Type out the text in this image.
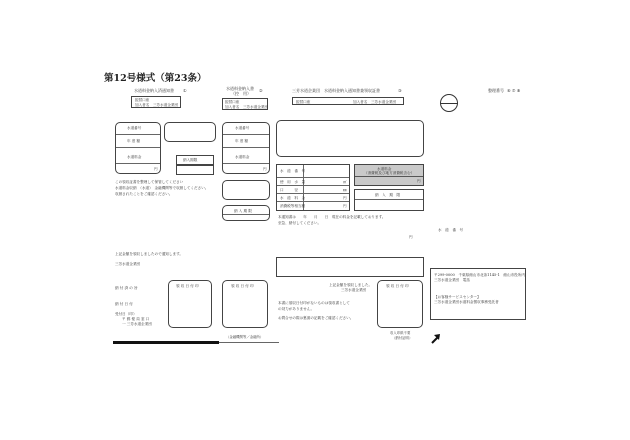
第12号様式（第23条）
水道料金納入済通知書 ①
振替口座
加入者名　三芳水道企業団
水道番号
年 度 額
水道料金
円
納入期限
この領収証書を整理して保管してください
水道料金収納　（水道）　金融機関等で収納してください。
収納されたことをご確認ください。
上記金額を領収しましたので通知します。
三芳水道企業団
領 収 日 付 印
納 付 済 の 旨
納 付 日 付
受付日（印）
〒 郵 便 局 窓 口
一 三芳水道企業団
水道料金納入書
（控　用）
②
振替口座
加入者名　三芳水道企業団
水道番号
年 度 額
水道料金
円
納 入 期 限
領 収 日 付 印
（金融機関等／金融所）
三芳水道企業団　水道料金納入通知書兼領収証書	③
振替口座	加入者名　三芳水道企業団
水　道　番　号
使　用　水　量	㎥
口　　　径	㎜
水　道　料　金	円
消費税等相当額	円
水道料金
（消費税及び地方消費税含む）
円
納　入　期　限
本通知書は　　年　　月　　日　現在の料金を記載しております。
至急、納付してください。
円
水　道　番　号
上記金額を領収しました。
三芳水道企業団
本書に領収日付印がないものは領収書として
の効力がありません。
お問合せの際は裏面の記載をご確認ください。
領 収 日 付 印
収入印紙不要
（納付証明）
整理番号 ⑥ ⑦ ⑧
〒299-0000　千葉県館山市北条1145-1　館山市役所内
三芳水道企業団　電話
【お客様サービスセンター】
三芳水道企業団水道料金徴収事務受託者
